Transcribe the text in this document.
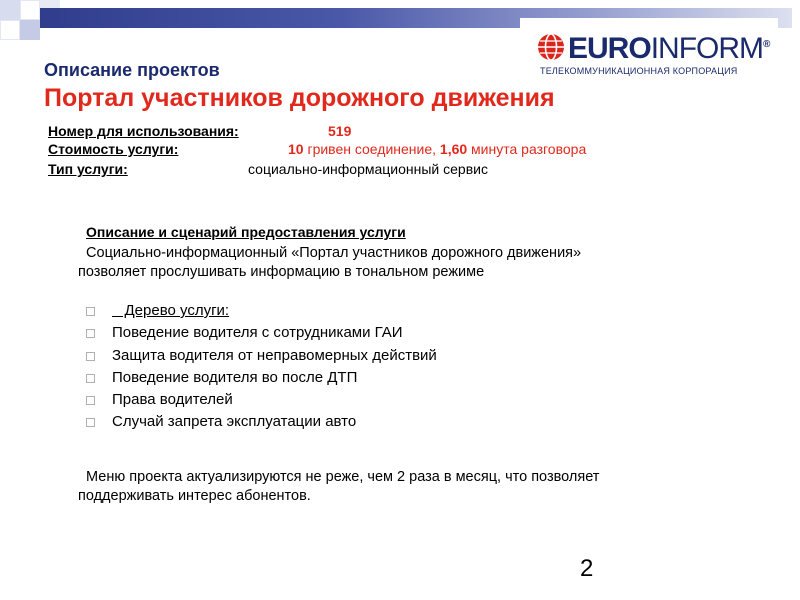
EUROINFORM®
ТЕЛЕКОММУНИКАЦИОННАЯ КОРПОРАЦИЯ
Описание проектов
Портал участников дорожного движения
Номер для использования:	519
Стоимость услуги:	10 гривен соединение, 1,60 минута разговора
Тип услуги:	социально-информационный сервис
Описание и сценарий предоставления услуги
Социально-информационный «Портал участников дорожного движения»
позволяет прослушивать информацию в тональном режиме
Дерево услуги:
Поведение водителя с сотрудниками ГАИ
Защита водителя от неправомерных действий
Поведение водителя во после ДТП
Права водителей
Случай запрета эксплуатации авто
Меню проекта актуализируются не реже, чем 2 раза в месяц, что позволяет
поддерживать интерес абонентов.
2
